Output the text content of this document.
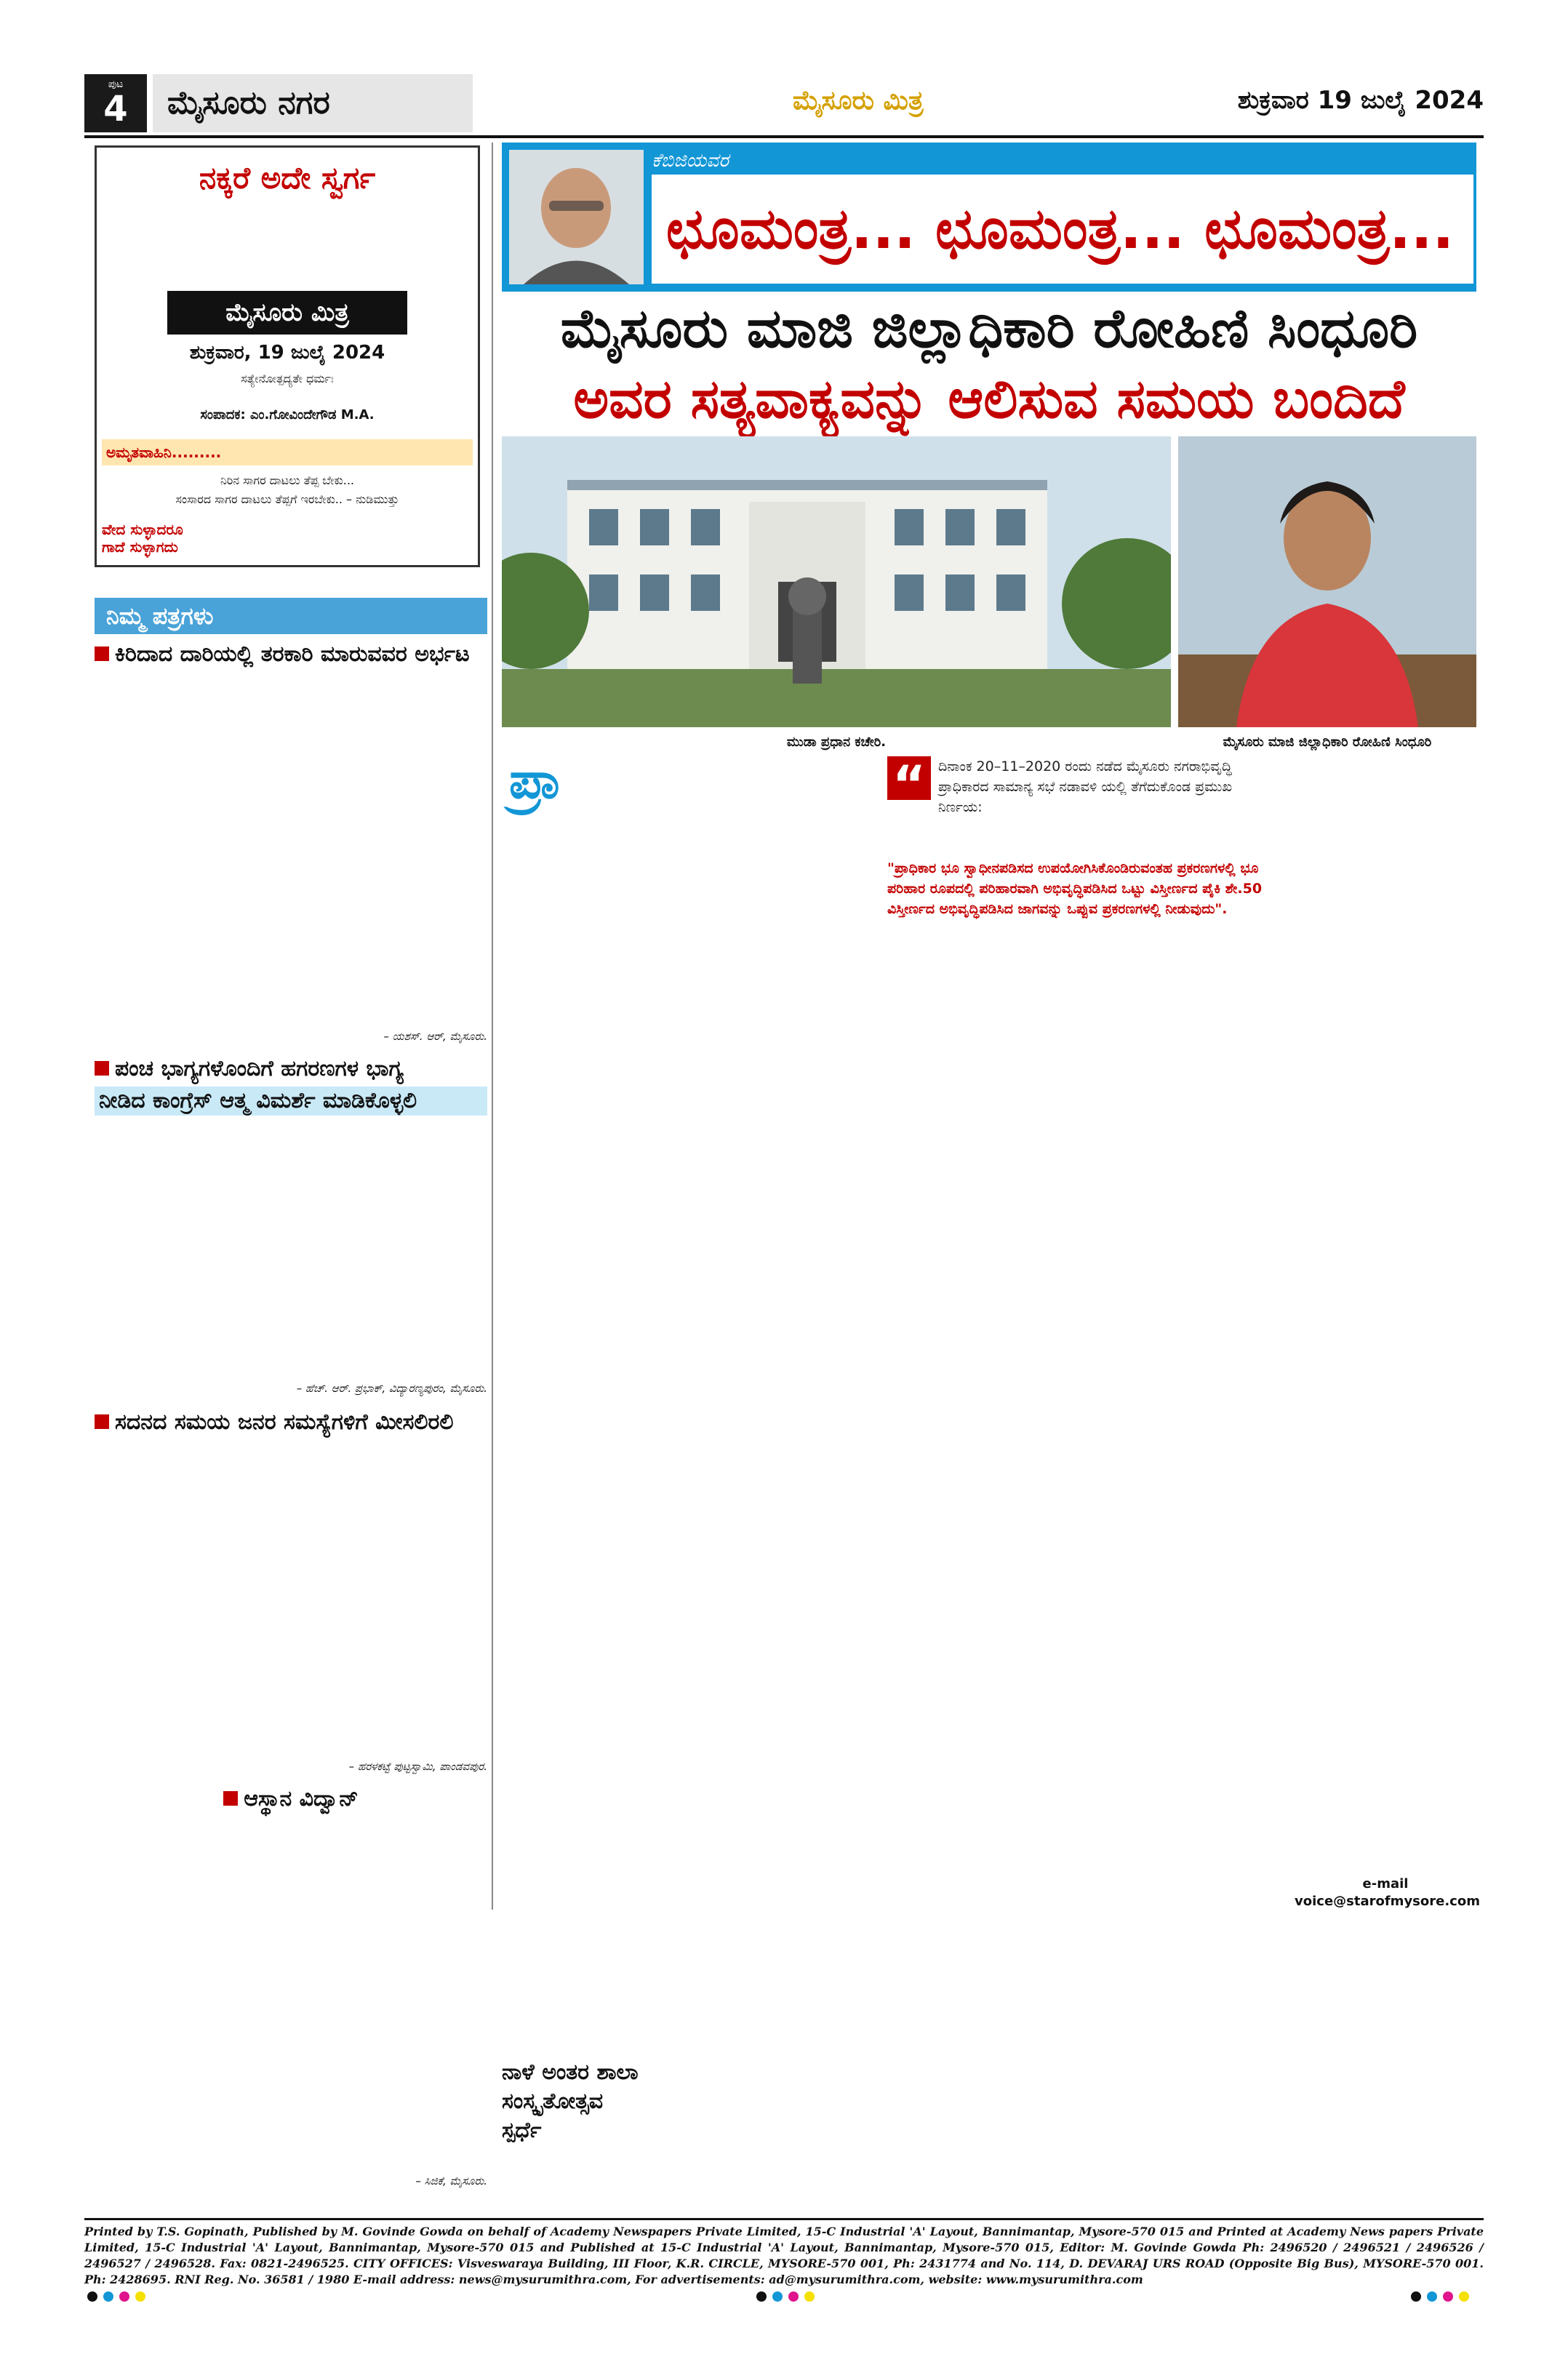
ಪುಟ
4	ಮೈಸೂರು ನಗರ	ಮೈಸೂರು ಮಿತ್ರ	ಶುಕ್ರವಾರ 19 ಜುಲೈ 2024
ನಕ್ಕರೆ ಅದೇ ಸ್ವರ್ಗ
ಮೈಸೂರು ಮಿತ್ರ
ಶುಕ್ರವಾರ, 19 ಜುಲೈ 2024
ಸತ್ಯೇನೋತ್ಪದ್ಯತೇ ಧರ್ಮಃ
ಸಂಪಾದಕ: ಎಂ.ಗೋವಿಂದೇಗೌಡ M.A.
ಅಮೃತವಾಹಿನಿ.........
ನಿರಿನ ಸಾಗರ ದಾಟಲು ತೆಪ್ಪ ಬೇಕು...
ಸಂಸಾರದ ಸಾಗರ ದಾಟಲು ತೆಪ್ಪಗೆ ಇರಬೇಕು.. – ನುಡಿಮುತ್ತು
ವೇದ ಸುಳ್ಳಾದರೂ
ಗಾದೆ ಸುಳ್ಳಾಗದು
ನಿಮ್ಮ ಪತ್ರಗಳು
ಕಿರಿದಾದ ದಾರಿಯಲ್ಲಿ ತರಕಾರಿ ಮಾರುವವರ ಅರ್ಭಟ
– ಯಶಸ್. ಆರ್, ಮೈಸೂರು.
ಪಂಚ ಭಾಗ್ಯಗಳೊಂದಿಗೆ ಹಗರಣಗಳ ಭಾಗ್ಯ
ನೀಡಿದ ಕಾಂಗ್ರೆಸ್ ಆತ್ಮ ವಿಮರ್ಶೆ ಮಾಡಿಕೊಳ್ಳಲಿ
– ಹೆಚ್. ಆರ್. ಪ್ರಭಾಕ್, ವಿದ್ಯಾರಣ್ಯಪುರಂ, ಮೈಸೂರು.
ಸದನದ ಸಮಯ ಜನರ ಸಮಸ್ಯೆಗಳಿಗೆ ಮೀಸಲಿರಲಿ
– ಹರಳಕಟ್ಟೆ ಪುಟ್ಟಸ್ವಾಮಿ, ಪಾಂಡವಪುರ.
ಆಸ್ಥಾನ ವಿದ್ವಾನ್
– ಸಿಜಿಕೆ, ಮೈಸೂರು.
ಕೆಬಿಜಿಯವರ
ಛೂಮಂತ್ರ... ಛೂಮಂತ್ರ... ಛೂಮಂತ್ರ...
ಮೈಸೂರು ಮಾಜಿ ಜಿಲ್ಲಾಧಿಕಾರಿ ರೋಹಿಣಿ ಸಿಂಧೂರಿ
ಅವರ ಸತ್ಯವಾಕ್ಯವನ್ನು ಆಲಿಸುವ ಸಮಯ ಬಂದಿದೆ
ಮುಡಾ ಪ್ರಧಾನ ಕಚೇರಿ.	ಮೈಸೂರು ಮಾಜಿ ಜಿಲ್ಲಾಧಿಕಾರಿ ರೋಹಿಣಿ ಸಿಂಧೂರಿ
ಪ್ರಾ	“ ದಿನಾಂಕ 20–11–2020 ರಂದು ನಡೆದ ಮೈಸೂರು ನಗರಾಭಿವೃದ್ಧಿ ಪ್ರಾಧಿಕಾರದ ಸಾಮಾನ್ಯ ಸಭೆ ನಡಾವಳಿ ಯಲ್ಲಿ ತೆಗೆದುಕೊಂಡ ಪ್ರಮುಖ ನಿರ್ಣಯ:
"ಪ್ರಾಧಿಕಾರ ಭೂ ಸ್ವಾಧೀನಪಡಿಸದ ಉಪಯೋಗಿಸಿಕೊಂಡಿರುವಂತಹ ಪ್ರಕರಣಗಳಲ್ಲಿ ಭೂ ಪರಿಹಾರ ರೂಪದಲ್ಲಿ ಪರಿಹಾರವಾಗಿ ಅಭಿವೃದ್ಧಿಪಡಿಸಿದ ಒಟ್ಟು ವಿಸ್ತೀರ್ಣದ ಪೈಕಿ ಶೇ.50 ವಿಸ್ತೀರ್ಣದ ಅಭಿವೃದ್ಧಿಪಡಿಸಿದ ಜಾಗವನ್ನು ಒಪ್ಪುವ ಪ್ರಕರಣಗಳಲ್ಲಿ ನೀಡುವುದು".
e-mail
voice@starofmysore.com
ನಾಳೆ ಅಂತರ ಶಾಲಾ ಸಂಸ್ಕೃತೋತ್ಸವ ಸ್ಪರ್ಧೆ
Printed by T.S. Gopinath, Published by M. Govinde Gowda on behalf of Academy Newspapers Private Limited, 15-C Industrial 'A' Layout, Bannimantap, Mysore-570 015 and Printed at Academy News papers Private Limited, 15-C Industrial 'A' Layout, Bannimantap, Mysore-570 015 and Published at 15-C Industrial 'A' Layout, Bannimantap, Mysore-570 015, Editor: M. Govinde Gowda Ph: 2496520 / 2496521 / 2496526 / 2496527 / 2496528. Fax: 0821-2496525. CITY OFFICES: Visveswaraya Building, III Floor, K.R. CIRCLE, MYSORE-570 001, Ph: 2431774 and No. 114, D. DEVARAJ URS ROAD (Opposite Big Bus), MYSORE-570 001. Ph: 2428695. RNI Reg. No. 36581 / 1980 E-mail address: news@mysurumithra.com, For advertisements: ad@mysurumithra.com, website: www.mysurumithra.com
